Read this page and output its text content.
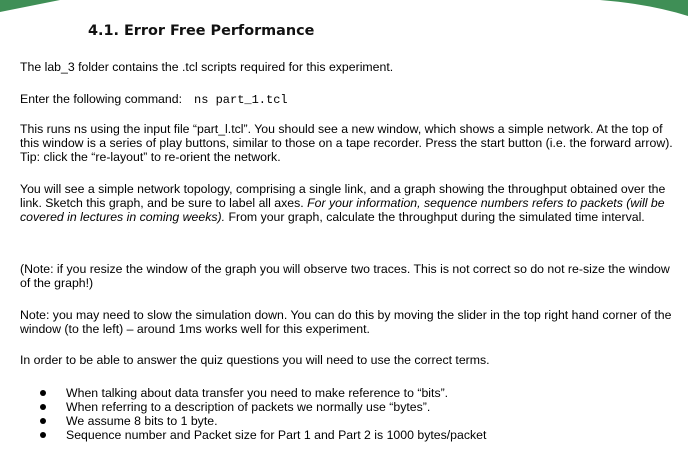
4.1. Error Free Performance

The lab_3 folder contains the .tcl scripts required for this experiment.

Enter the following command: ns part_1.tcl

This runs ns using the input file “part_l.tcl”. You should see a new window, which shows a simple network. At the top of this window is a series of play buttons, similar to those on a tape recorder. Press the start button (i.e. the forward arrow). Tip: click the “re-layout” to re-orient the network.

You will see a simple network topology, comprising a single link, and a graph showing the throughput obtained over the link. Sketch this graph, and be sure to label all axes. For your information, sequence numbers refers to packets (will be covered in lectures in coming weeks). From your graph, calculate the throughput during the simulated time interval.

(Note: if you resize the window of the graph you will observe two traces. This is not correct so do not re-size the window of the graph!)

Note: you may need to slow the simulation down. You can do this by moving the slider in the top right hand corner of the window (to the left) – around 1ms works well for this experiment.

In order to be able to answer the quiz questions you will need to use the correct terms.

When talking about data transfer you need to make reference to “bits”.
When referring to a description of packets we normally use “bytes”.
We assume 8 bits to 1 byte.
Sequence number and Packet size for Part 1 and Part 2 is 1000 bytes/packet
